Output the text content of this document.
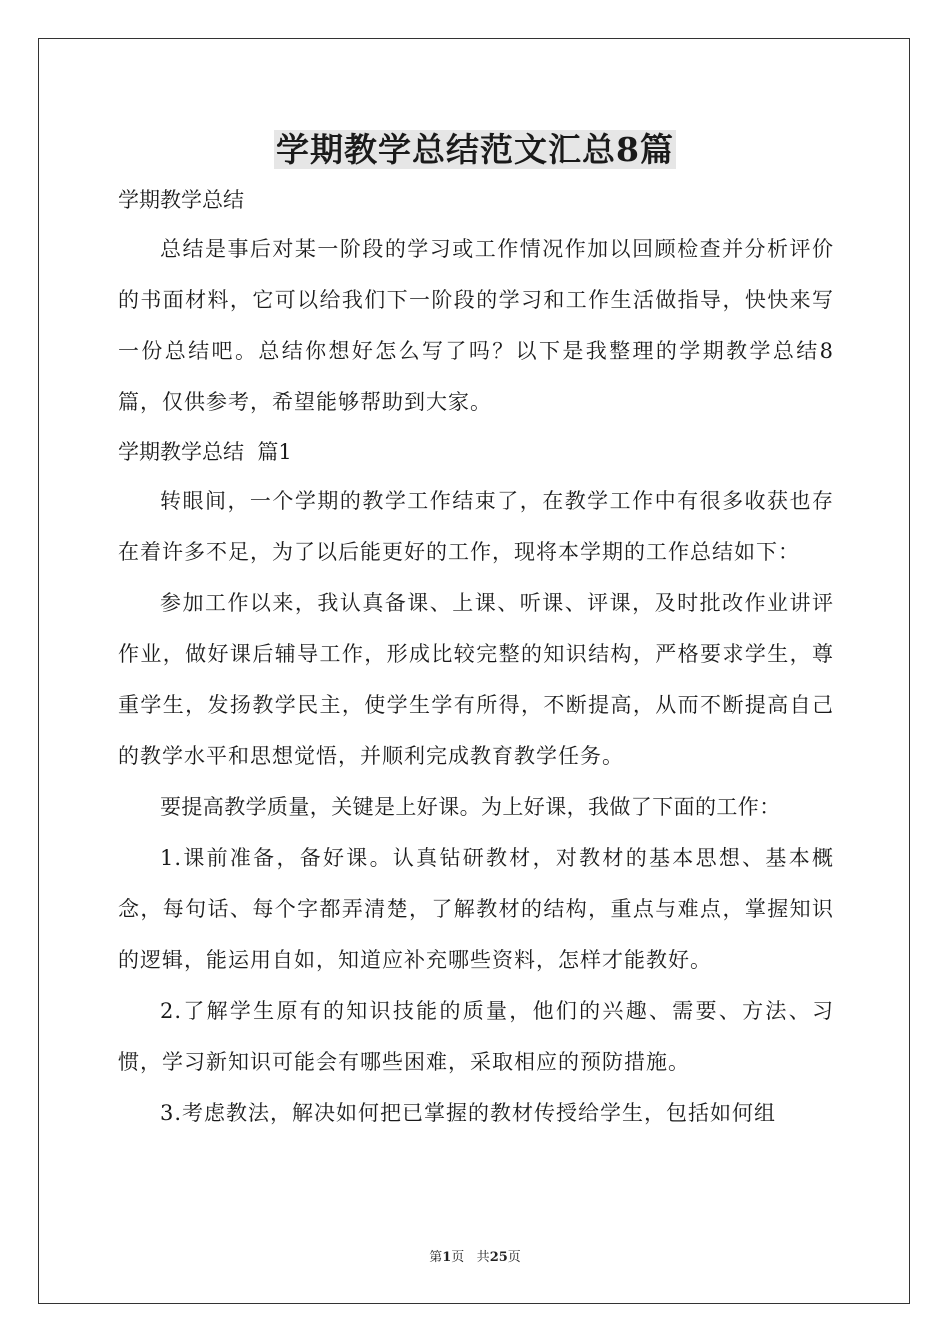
学期教学总结范文汇总8篇

学期教学总结

总结是事后对某一阶段的学习或工作情况作加以回顾检查并分析评价的书面材料，它可以给我们下一阶段的学习和工作生活做指导，快快来写一份总结吧。总结你想好怎么写了吗？以下是我整理的学期教学总结8篇，仅供参考，希望能够帮助到大家。

学期教学总结  篇1

转眼间，一个学期的教学工作结束了，在教学工作中有很多收获也存在着许多不足，为了以后能更好的工作，现将本学期的工作总结如下：

参加工作以来，我认真备课、上课、听课、评课，及时批改作业讲评作业，做好课后辅导工作，形成比较完整的知识结构，严格要求学生，尊重学生，发扬教学民主，使学生学有所得，不断提高，从而不断提高自己的教学水平和思想觉悟，并顺利完成教育教学任务。

要提高教学质量，关键是上好课。为上好课，我做了下面的工作：

1.课前准备，备好课。认真钻研教材，对教材的基本思想、基本概念，每句话、每个字都弄清楚，了解教材的结构，重点与难点，掌握知识的逻辑，能运用自如，知道应补充哪些资料，怎样才能教好。

2.了解学生原有的知识技能的质量，他们的兴趣、需要、方法、习惯，学习新知识可能会有哪些困难，采取相应的预防措施。

3.考虑教法，解决如何把已掌握的教材传授给学生，包括如何组

第1页 共25页
